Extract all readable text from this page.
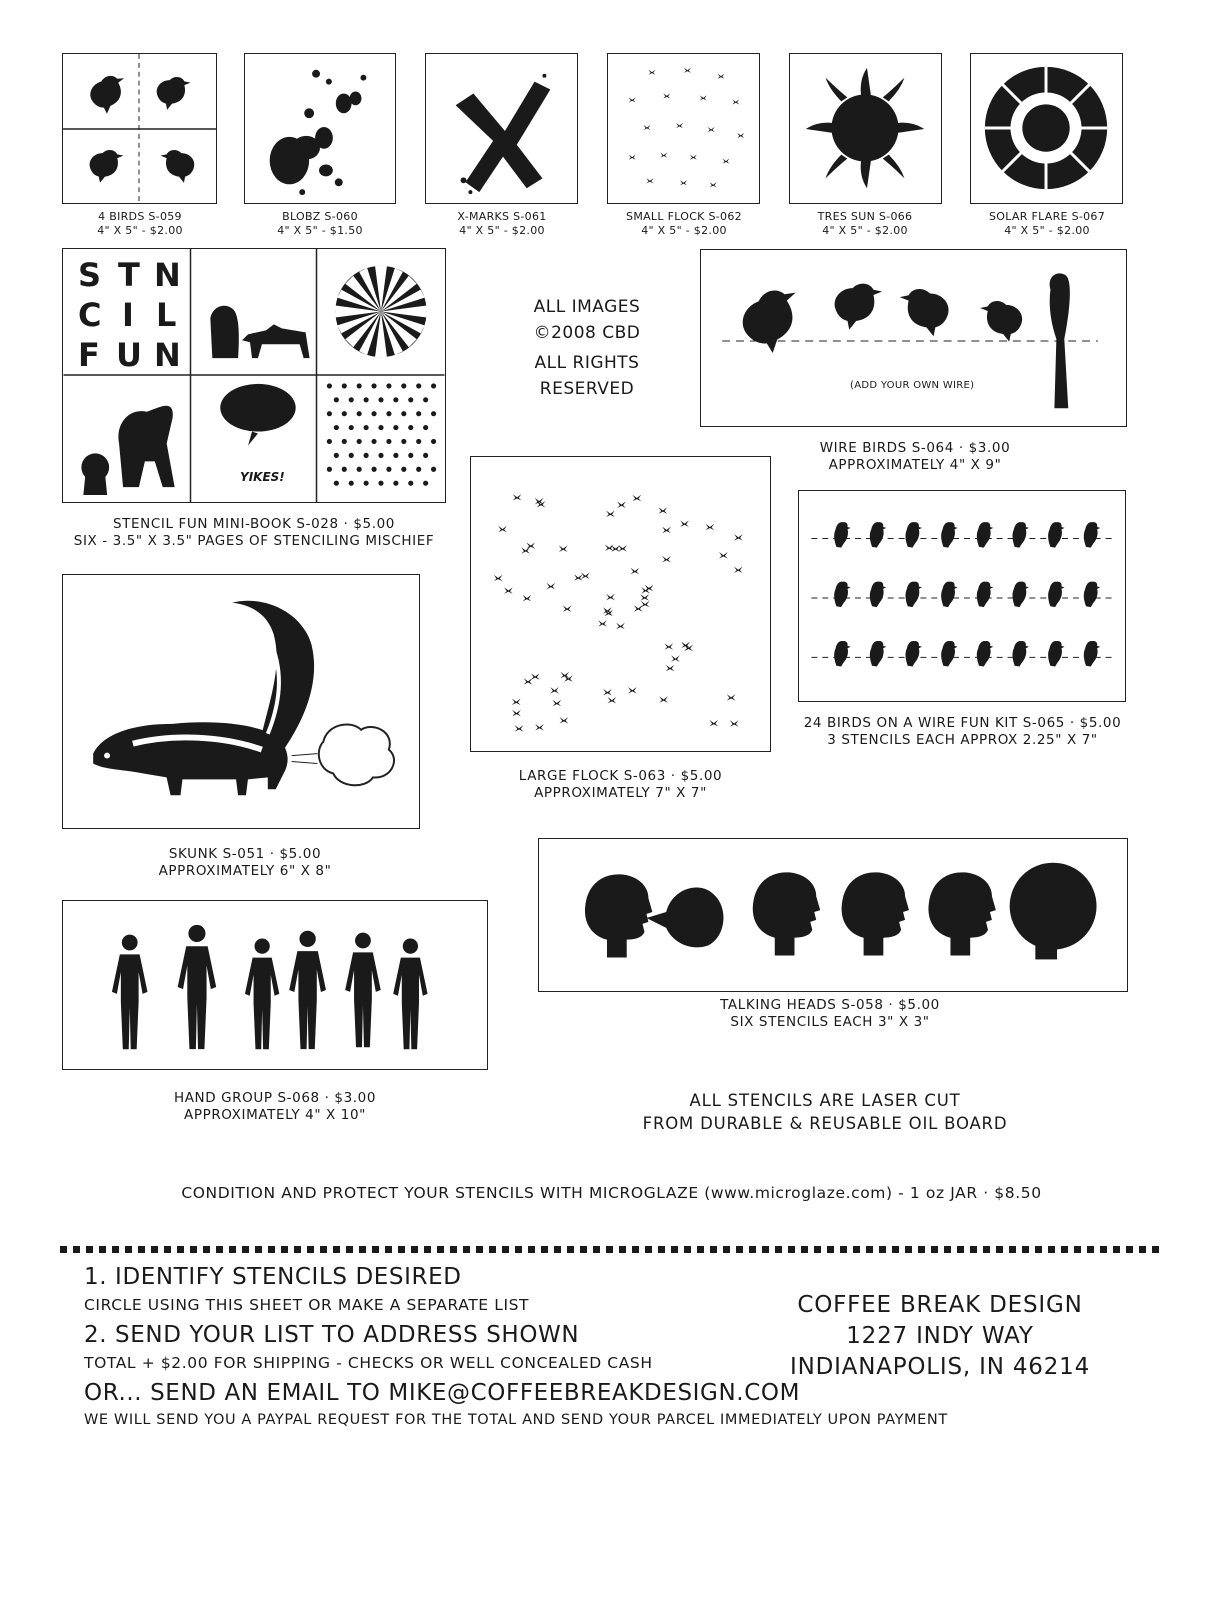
4 BIRDS S-059
4" X 5" - $2.00
BLOBZ S-060
4" X 5" - $1.50
X-MARKS S-061
4" X 5" - $2.00
SMALL FLOCK S-062
4" X 5" - $2.00
TRES SUN S-066
4" X 5" - $2.00
SOLAR FLARE S-067
4" X 5" - $2.00
S T N
C I L
F U N
YIKES!
STENCIL FUN MINI-BOOK S-028 · $5.00
SIX - 3.5" X 3.5" PAGES OF STENCILING MISCHIEF
ALL IMAGES
©2008 CBD
ALL RIGHTS
RESERVED	(ADD YOUR OWN WIRE)
WIRE BIRDS S-064 · $3.00
APPROXIMATELY 4" X 9"
LARGE FLOCK S-063 · $5.00
APPROXIMATELY 7" X 7"
24 BIRDS ON A WIRE FUN KIT S-065 · $5.00
3 STENCILS EACH APPROX 2.25" X 7"
SKUNK S-051 · $5.00
APPROXIMATELY 6" X 8"
TALKING HEADS S-058 · $5.00
SIX STENCILS EACH 3" X 3"
HAND GROUP S-068 · $3.00
APPROXIMATELY 4" X 10"
ALL STENCILS ARE LASER CUT
FROM DURABLE & REUSABLE OIL BOARD
CONDITION AND PROTECT YOUR STENCILS WITH MICROGLAZE (www.microglaze.com) - 1 oz JAR · $8.50
1. IDENTIFY STENCILS DESIRED
CIRCLE USING THIS SHEET OR MAKE A SEPARATE LIST
2. SEND YOUR LIST TO ADDRESS SHOWN
TOTAL + $2.00 FOR SHIPPING - CHECKS OR WELL CONCEALED CASH
OR... SEND AN EMAIL TO MIKE@COFFEEBREAKDESIGN.COM
WE WILL SEND YOU A PAYPAL REQUEST FOR THE TOTAL AND SEND YOUR PARCEL IMMEDIATELY UPON PAYMENT
COFFEE BREAK DESIGN
1227 INDY WAY
INDIANAPOLIS, IN 46214
